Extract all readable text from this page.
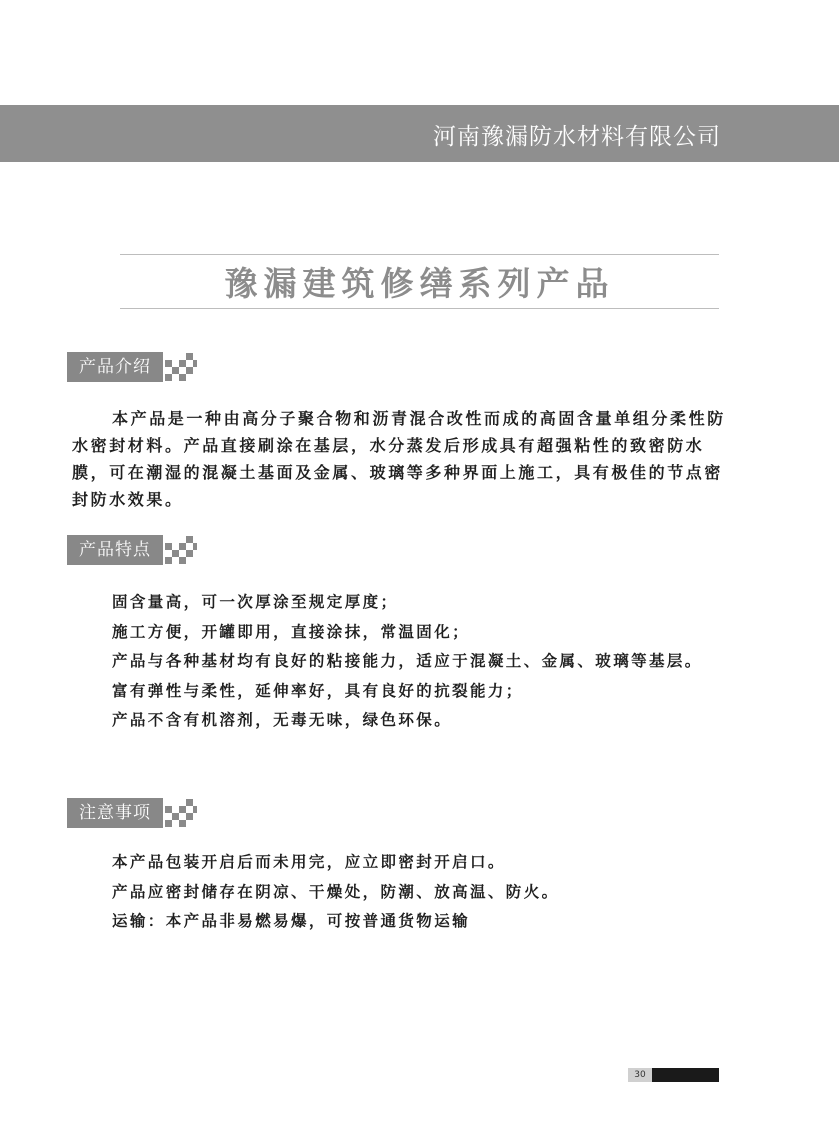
河南豫漏防水材料有限公司
豫漏建筑修缮系列产品
产品介绍

本产品是一种由高分子聚合物和沥青混合改性而成的高固含量单组分柔性防水密封材料。产品直接刷涂在基层，水分蒸发后形成具有超强粘性的致密防水膜，可在潮湿的混凝土基面及金属、玻璃等多种界面上施工，具有极佳的节点密封防水效果。

产品特点
固含量高，可一次厚涂至规定厚度；
施工方便，开罐即用，直接涂抹，常温固化；
产品与各种基材均有良好的粘接能力，适应于混凝土、金属、玻璃等基层。
富有弹性与柔性，延伸率好，具有良好的抗裂能力；
产品不含有机溶剂，无毒无味，绿色环保。
注意事项
本产品包装开启后而未用完，应立即密封开启口。
产品应密封储存在阴凉、干燥处，防潮、放高温、防火。
运输：本产品非易燃易爆，可按普通货物运输
30
